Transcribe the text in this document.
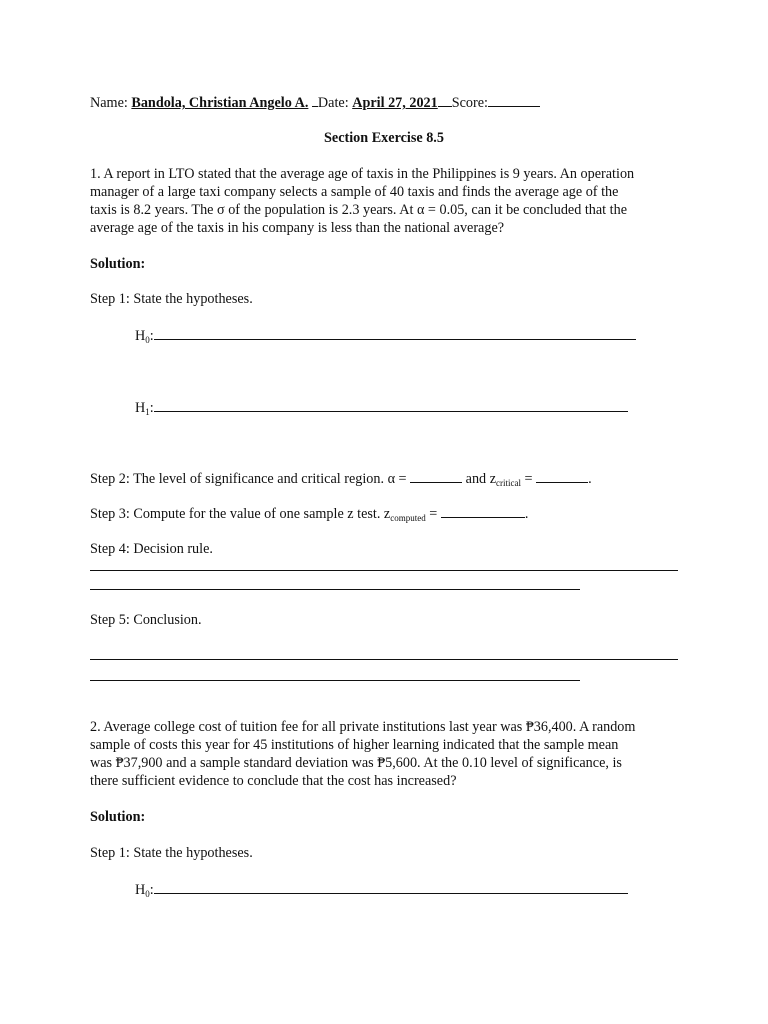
Name: Bandola, Christian Angelo A. Date: April 27, 2021 Score:
Section Exercise 8.5
1. A report in LTO stated that the average age of taxis in the Philippines is 9 years. An operation
manager of a large taxi company selects a sample of 40 taxis and finds the average age of the
taxis is 8.2 years. The σ of the population is 2.3 years. At α = 0.05, can it be concluded that the
average age of the taxis in his company is less than the national average?
Solution:
Step 1: State the hypotheses.
$H_0$:
$H_1$:
Step 2: The level of significance and critical region. α =	and $z_{critical}$ =	.
Step 3: Compute for the value of one sample z test. $z_{computed}$ =	.
Step 4: Decision rule.
Step 5: Conclusion.
2. Average college cost of tuition fee for all private institutions last year was ₱36,400. A random
sample of costs this year for 45 institutions of higher learning indicated that the sample mean
was ₱37,900 and a sample standard deviation was ₱5,600. At the 0.10 level of significance, is
there sufficient evidence to conclude that the cost has increased?
Solution:
Step 1: State the hypotheses.
$H_0$:
